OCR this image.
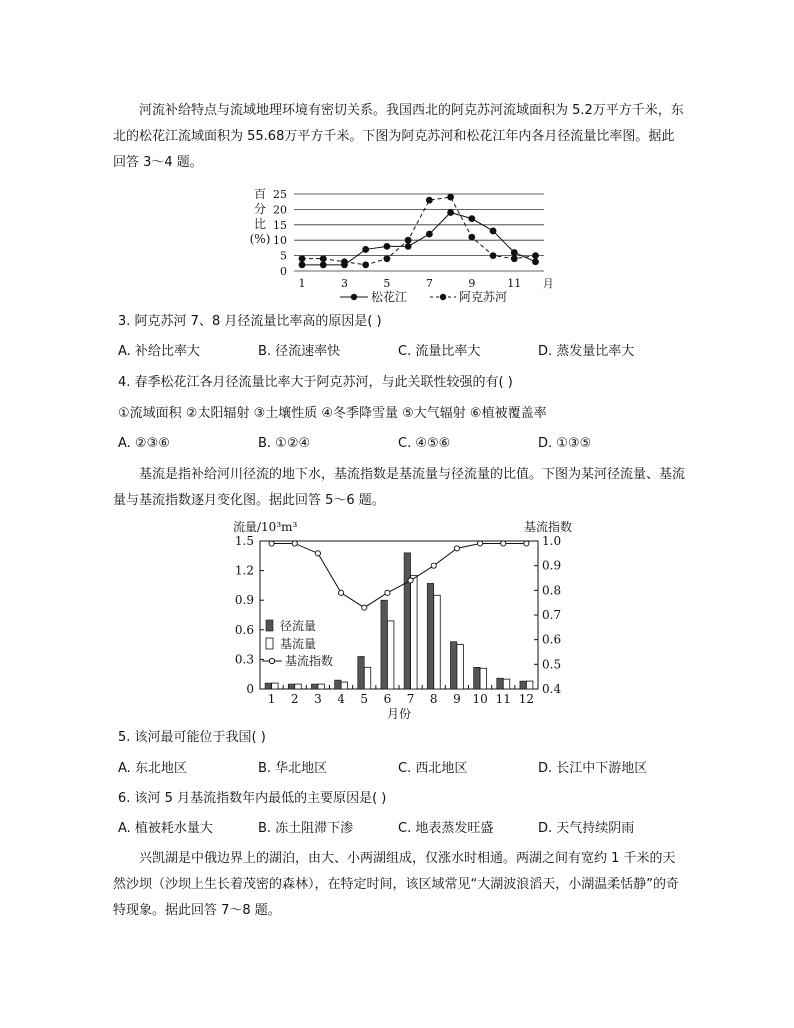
河流补给特点与流域地理环境有密切关系。我国西北的阿克苏河流域面积为 5.2万平方千米，东北的松花江流域面积为 55.68万平方千米。下图为阿克苏河和松花江年内各月径流量比率图。据此回答 3～4 题。
百
分
比
(%)
25
20
15
10
5
0
1	3	5	7	9	11 月
松花江	阿克苏河
3. 阿克苏河 7、8 月径流量比率高的原因是( )
A. 补给比率大	B. 径流速率快	C. 流量比率大	D. 蒸发量比率大
4. 春季松花江各月径流量比率大于阿克苏河，与此关联性较强的有( )
①流域面积 ②太阳辐射 ③土壤性质 ④冬季降雪量 ⑤大气辐射 ⑥植被覆盖率
A. ②③⑥	B. ①②④	C. ④⑤⑥	D. ①③⑤
基流是指补给河川径流的地下水，基流指数是基流量与径流量的比值。下图为某河径流量、基流量与基流指数逐月变化图。据此回答 5～6 题。
流量/10³m³	基流指数
月份
1.5
1.2
0.9
0.6
0.3
0
1.0
0.9
0.8
0.7
0.6
0.5
0.4
1 2 3 4 5 6 7 8 9 10 11 12
径流量
基流量
基流指数
5. 该河最可能位于我国( )
A. 东北地区	B. 华北地区	C. 西北地区	D. 长江中下游地区
6. 该河 5 月基流指数年内最低的主要原因是( )
A. 植被耗水量大	B. 冻土阻滞下渗	C. 地表蒸发旺盛	D. 天气持续阴雨
兴凯湖是中俄边界上的湖泊，由大、小两湖组成，仅涨水时相通。两湖之间有宽约 1 千米的天然沙坝（沙坝上生长着茂密的森林），在特定时间，该区域常见“大湖波浪滔天，小湖温柔恬静”的奇特现象。据此回答 7～8 题。
